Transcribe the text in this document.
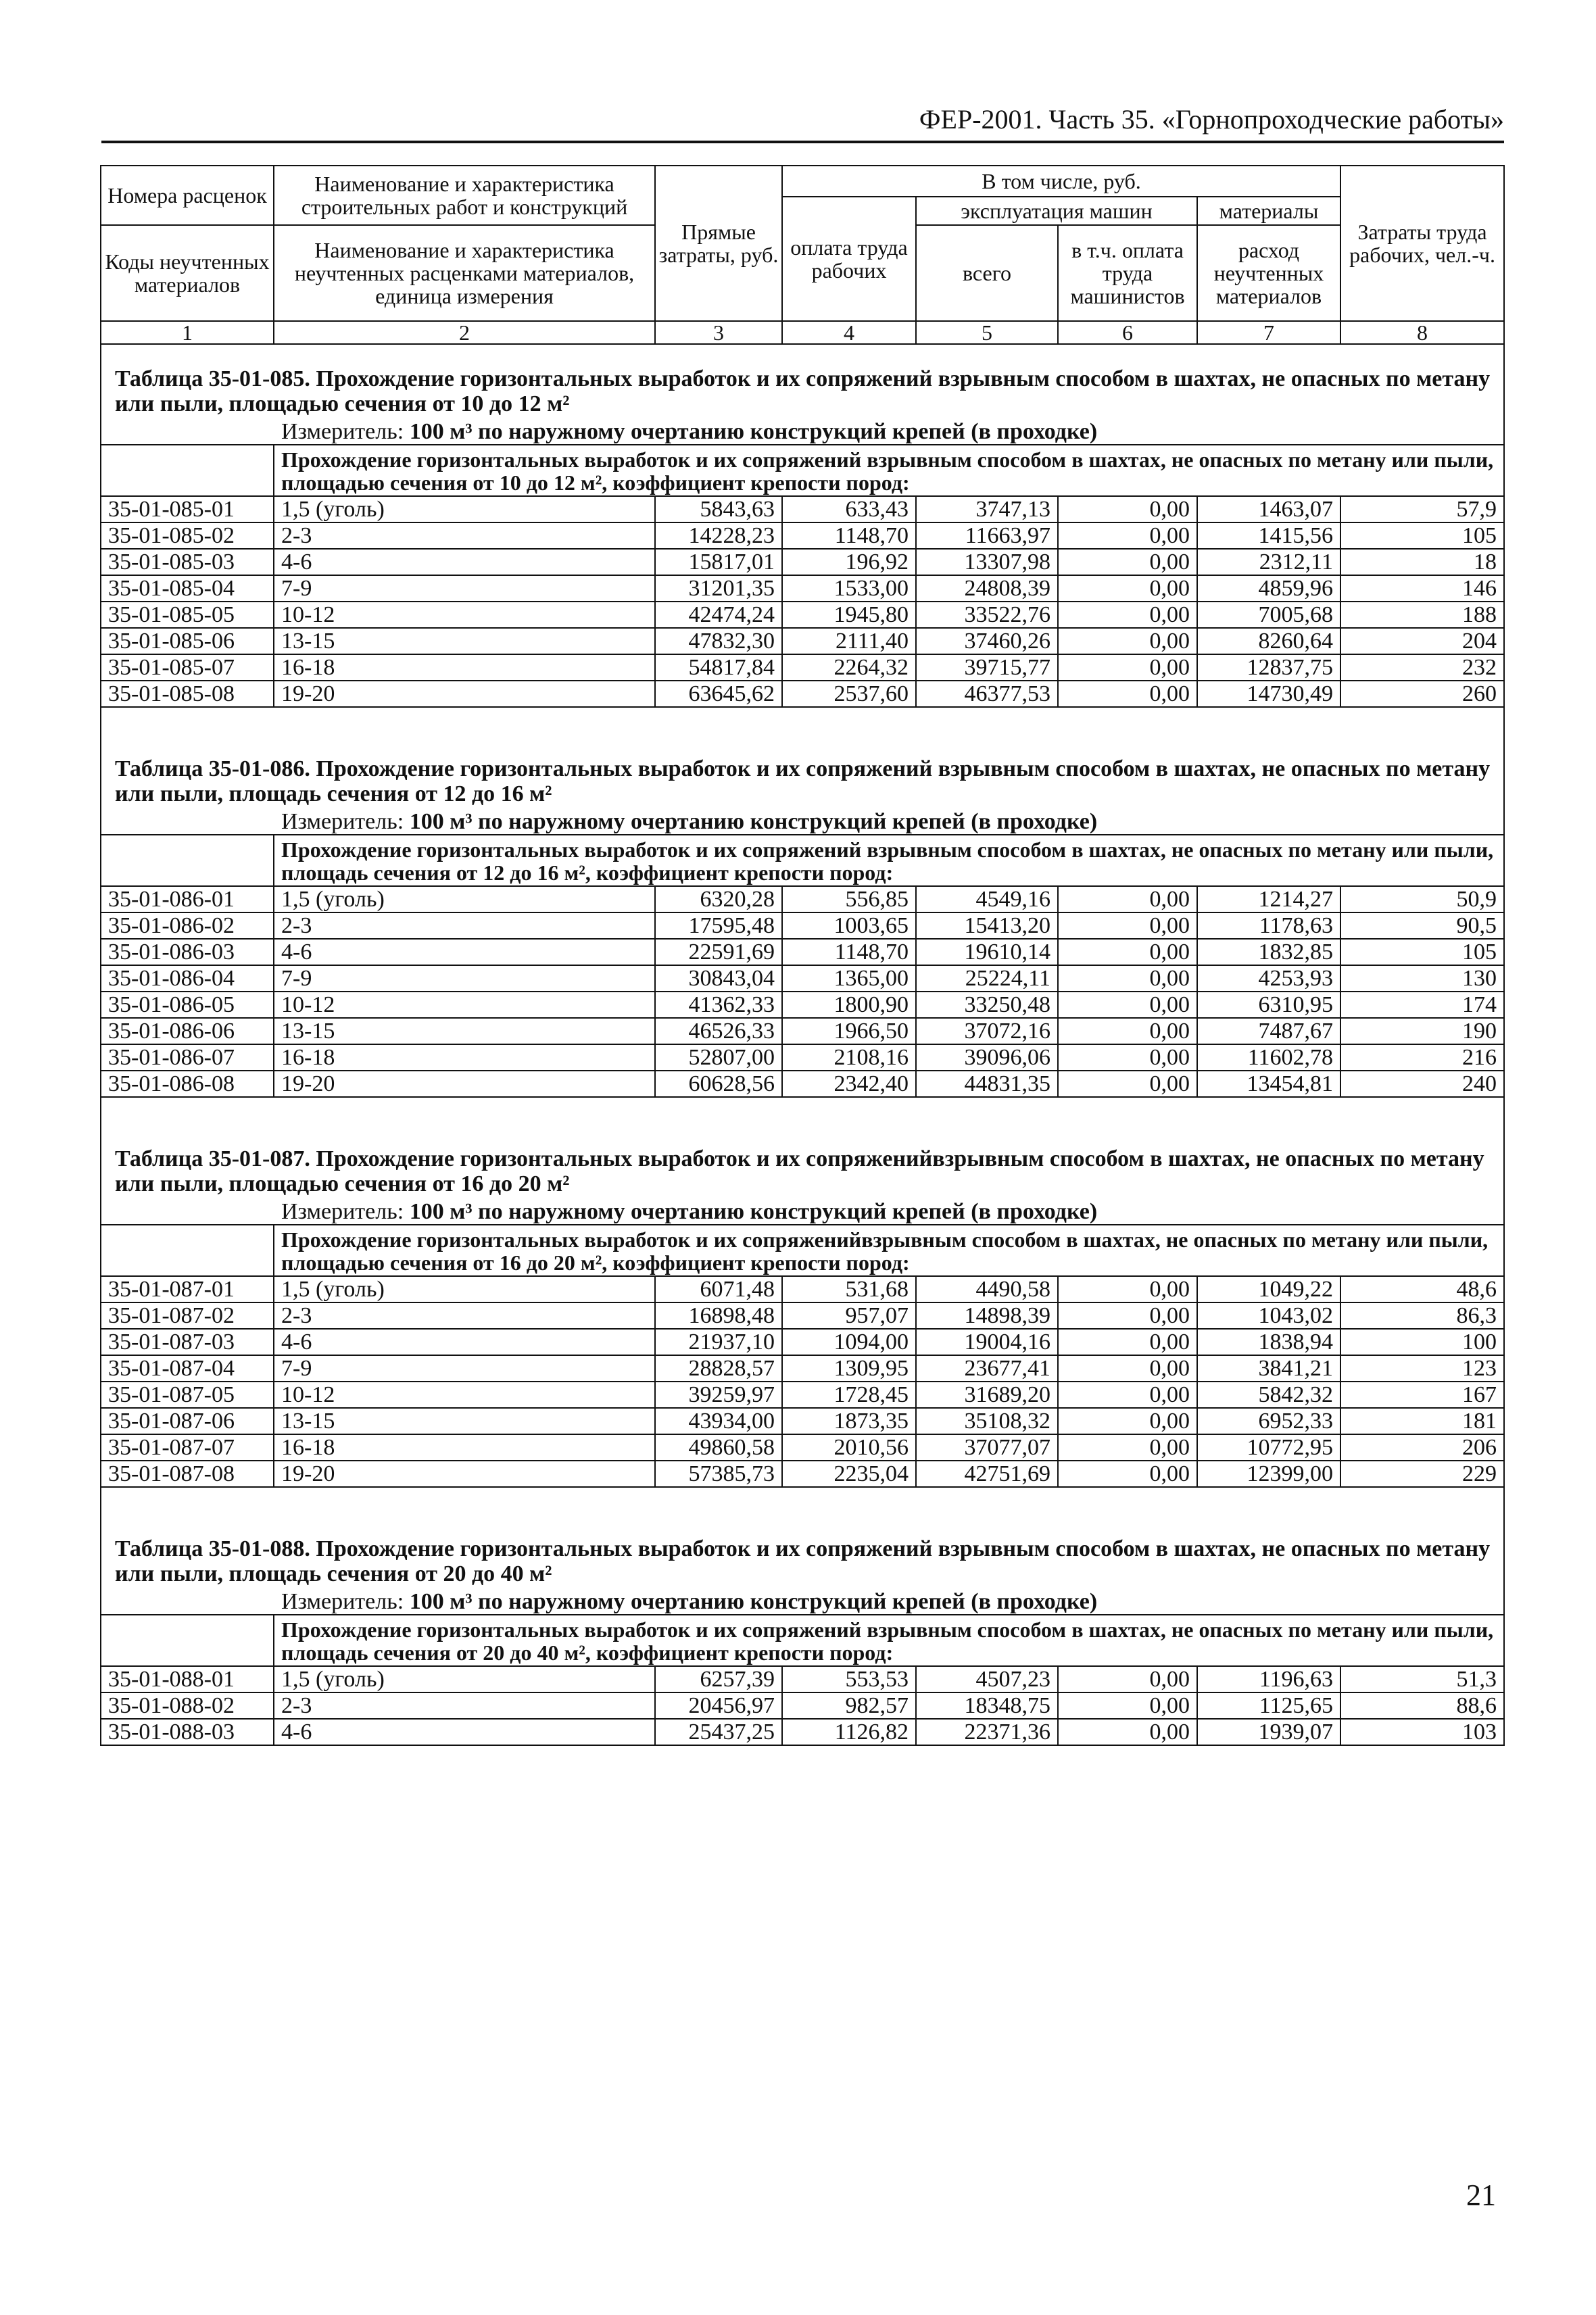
ФЕР-2001. Часть 35. «Горнопроходческие работы»
Номера расценок	Наименование и характеристика строительных работ и конструкций	Прямые затраты, руб.	В том числе, руб.				Затраты труда рабочих, чел.-ч.
			оплата труда рабочих	эксплуатация машин		материалы	
Коды неучтенных материалов	Наименование и характеристика неучтенных расценками материалов, единица измерения			всего	в т.ч. оплата труда машинистов	расход неучтенных материалов	
1	2	3	4	5	6	7	8

Таблица 35-01-085. Прохождение горизонтальных выработок и их сопряжений взрывным способом в шахтах, не опасных по метану или пыли, площадью сечения от 10 до 12 м²							
Измеритель: 100 м³ по наружному очертанию конструкций крепей (в проходке)							
	Прохождение горизонтальных выработок и их сопряжений взрывным способом в шахтах, не опасных по метану или пыли, площадью сечения от 10 до 12 м², коэффициент крепости пород:						
35-01-085-01	1,5 (уголь)	5843,63	633,43	3747,13	0,00	1463,07	57,9
35-01-085-02	2-3	14228,23	1148,70	11663,97	0,00	1415,56	105
35-01-085-03	4-6	15817,01	196,92	13307,98	0,00	2312,11	18
35-01-085-04	7-9	31201,35	1533,00	24808,39	0,00	4859,96	146
35-01-085-05	10-12	42474,24	1945,80	33522,76	0,00	7005,68	188
35-01-085-06	13-15	47832,30	2111,40	37460,26	0,00	8260,64	204
35-01-085-07	16-18	54817,84	2264,32	39715,77	0,00	12837,75	232
35-01-085-08	19-20	63645,62	2537,60	46377,53	0,00	14730,49	260

Таблица 35-01-086. Прохождение горизонтальных выработок и их сопряжений взрывным способом в шахтах, не опасных по метану или пыли, площадь сечения от 12 до 16 м²							
Измеритель: 100 м³ по наружному очертанию конструкций крепей (в проходке)							
	Прохождение горизонтальных выработок и их сопряжений взрывным способом в шахтах, не опасных по метану или пыли, площадь сечения от 12 до 16 м², коэффициент крепости пород:						
35-01-086-01	1,5 (уголь)	6320,28	556,85	4549,16	0,00	1214,27	50,9
35-01-086-02	2-3	17595,48	1003,65	15413,20	0,00	1178,63	90,5
35-01-086-03	4-6	22591,69	1148,70	19610,14	0,00	1832,85	105
35-01-086-04	7-9	30843,04	1365,00	25224,11	0,00	4253,93	130
35-01-086-05	10-12	41362,33	1800,90	33250,48	0,00	6310,95	174
35-01-086-06	13-15	46526,33	1966,50	37072,16	0,00	7487,67	190
35-01-086-07	16-18	52807,00	2108,16	39096,06	0,00	11602,78	216
35-01-086-08	19-20	60628,56	2342,40	44831,35	0,00	13454,81	240

Таблица 35-01-087. Прохождение горизонтальных выработок и их сопряженийвзрывным способом в шахтах, не опасных по метану или пыли, площадью сечения от 16 до 20 м²							
Измеритель: 100 м³ по наружному очертанию конструкций крепей (в проходке)							
	Прохождение горизонтальных выработок и их сопряженийвзрывным способом в шахтах, не опасных по метану или пыли, площадью сечения от 16 до 20 м², коэффициент крепости пород:						
35-01-087-01	1,5 (уголь)	6071,48	531,68	4490,58	0,00	1049,22	48,6
35-01-087-02	2-3	16898,48	957,07	14898,39	0,00	1043,02	86,3
35-01-087-03	4-6	21937,10	1094,00	19004,16	0,00	1838,94	100
35-01-087-04	7-9	28828,57	1309,95	23677,41	0,00	3841,21	123
35-01-087-05	10-12	39259,97	1728,45	31689,20	0,00	5842,32	167
35-01-087-06	13-15	43934,00	1873,35	35108,32	0,00	6952,33	181
35-01-087-07	16-18	49860,58	2010,56	37077,07	0,00	10772,95	206
35-01-087-08	19-20	57385,73	2235,04	42751,69	0,00	12399,00	229

Таблица 35-01-088. Прохождение горизонтальных выработок и их сопряжений взрывным способом в шахтах, не опасных по метану или пыли, площадь сечения от 20 до 40 м²							
Измеритель: 100 м³ по наружному очертанию конструкций крепей (в проходке)							
	Прохождение горизонтальных выработок и их сопряжений взрывным способом в шахтах, не опасных по метану или пыли, площадь сечения от 20 до 40 м², коэффициент крепости пород:						
35-01-088-01	1,5 (уголь)	6257,39	553,53	4507,23	0,00	1196,63	51,3
35-01-088-02	2-3	20456,97	982,57	18348,75	0,00	1125,65	88,6
35-01-088-03	4-6	25437,25	1126,82	22371,36	0,00	1939,07	103
21
